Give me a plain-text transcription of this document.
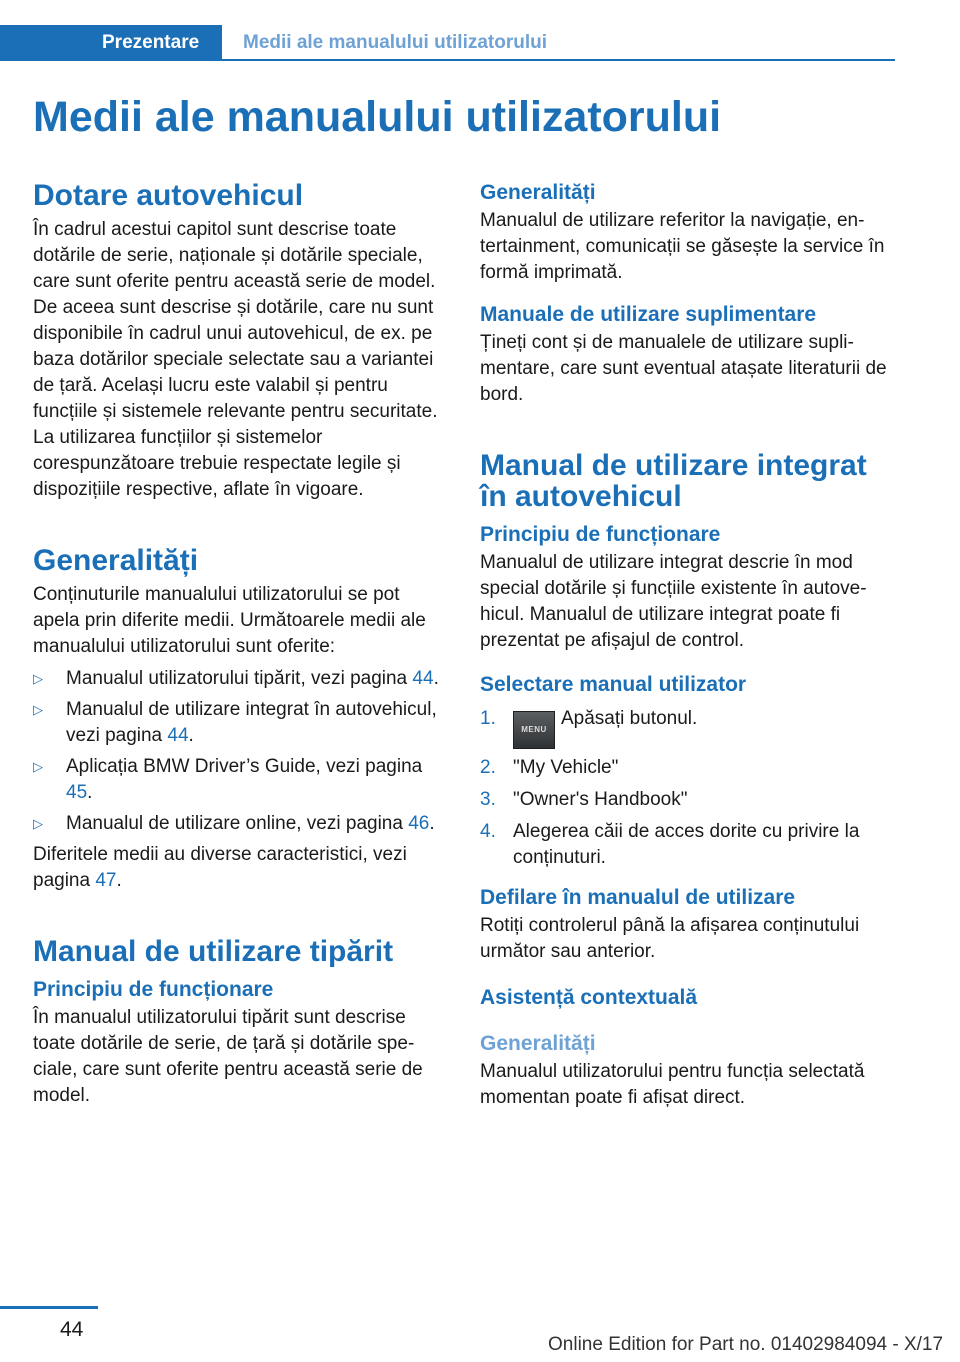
Prezentare	Medii ale manualului utilizatorului
Medii ale manualului utilizatorului
Dotare autovehicul

În cadrul acestui capitol sunt descrise toate dotările de serie, naționale și dotările speciale, care sunt oferite pentru această serie de model. De aceea sunt descrise și dotările, care nu sunt disponibile în cadrul unui autovehicul, de ex. pe baza dotărilor speciale selectate sau a variantei de țară. Același lucru este valabil și pentru funcțiile și sistemele relevante pentru securitate. La utilizarea funcțiilor și sistemelor corespunzătoare trebuie respectate legile și dispozițiile respective, aflate în vigoare.

Generalități

Conținuturile manualului utilizatorului se pot apela prin diferite medii. Următoarele medii ale manualului utilizatorului sunt oferite:

▷ Manualul utilizatorului tipărit, vezi pagina 44.
▷ Manualul de utilizare integrat în autovehicul, vezi pagina 44.
▷ Aplicația BMW Driver’s Guide, vezi pagina 45.
▷ Manualul de utilizare online, vezi pagina 46.

Diferitele medii au diverse caracteristici, vezi pagina 47.

Manual de utilizare tipărit
Principiu de funcționare

În manualul utilizatorului tipărit sunt descrise toate dotările de serie, de țară și dotările speciale, care sunt oferite pentru această serie de model.

Generalități

Manualul de utilizare referitor la navigație, entertainment, comunicații se găsește la service în formă imprimată.

Manuale de utilizare suplimentare

Țineți cont și de manualele de utilizare suplimentare, care sunt eventual atașate literaturii de bord.

Manual de utilizare integrat în autovehicul
Principiu de funcționare

Manualul de utilizare integrat descrie în mod special dotările și funcțiile existente în autovehicul. Manualul de utilizare integrat poate fi prezentat pe afișajul de control.

Selectare manual utilizator
1.
MENUApăsați butonul.
2. "My Vehicle"
3. "Owner's Handbook"
4. Alegerea căii de acces dorite cu privire la conținuturi.
Defilare în manualul de utilizare

Rotiți controlerul până la afișarea conținutului următor sau anterior.

Asistență contextuală
Generalități

Manualul utilizatorului pentru funcția selectată momentan poate fi afișat direct.

44
Online Edition for Part no. 01402984094 - X/17
